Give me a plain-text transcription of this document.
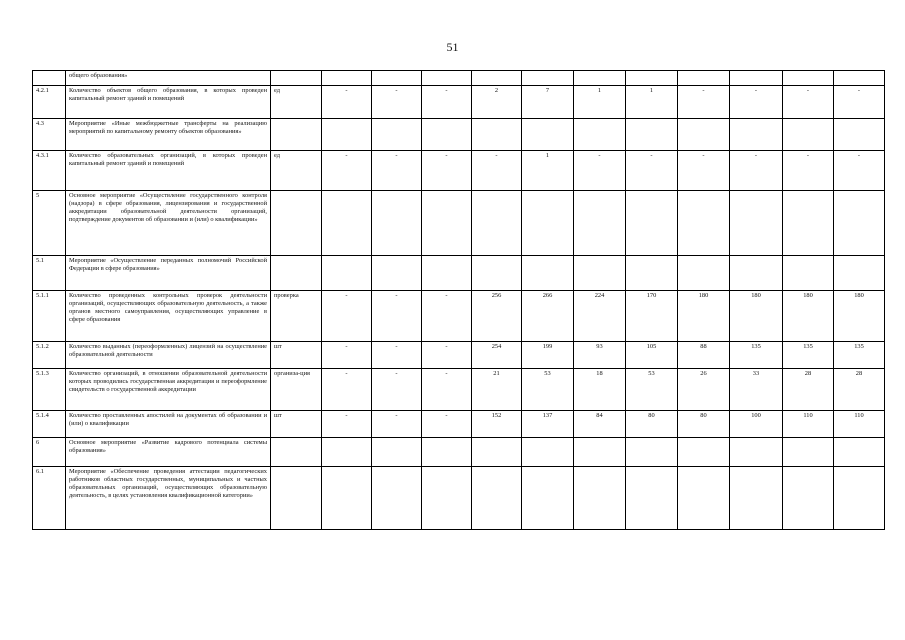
51
	общего образования»												
4.2.1	Количество объектов общего образования, в которых проведен капитальный ремонт зданий и помещений	ед	-	-	-	2	7	1	1	-	-	-	-
4.3	Мероприятие «Иные межбюджетные трансферты на реализацию мероприятий по капитальному ремонту объектов образования»												
4.3.1	Количество образовательных организаций, в которых проведен капитальный ремонт зданий и помещений	ед	-	-	-	-	1	-	-	-	-	-	-
5	Основное мероприятие «Осуществление государственного контроля (надзора) в сфере образования, лицензирования и государственной аккредитации образовательной деятельности организаций, подтверждение документов об образовании и (или) о квалификации»												
5.1	Мероприятие «Осуществление переданных полномочий Российской Федерации в сфере образования»												
5.1.1	Количество проведенных контрольных проверок деятельности организаций, осуществляющих образовательную деятельность, а также органов местного самоуправления, осуществляющих управление в сфере образования	проверка	-	-	-	256	266	224	170	180	180	180	180
5.1.2	Количество выданных (переоформленных) лицензий на осуществление образовательной деятельности	шт	-	-	-	254	199	93	105	88	135	135	135
5.1.3	Количество организаций, в отношении образовательной деятельности которых проводились государственная аккредитация и переоформление свидетельств о государственной аккредитации	организа-ция	-	-	-	21	53	18	53	26	33	28	28
5.1.4	Количество проставленных апостилей на документах об образовании и (или) о квалификации	шт	-	-	-	152	137	84	80	80	100	110	110
6	Основное мероприятие «Развитие кадрового потенциала системы образования»												
6.1	Мероприятие «Обеспечение проведения аттестации педагогических работников областных государственных, муниципальных и частных образовательных организаций, осуществляющих образовательную деятельность, в целях установления квалификационной категории»												
